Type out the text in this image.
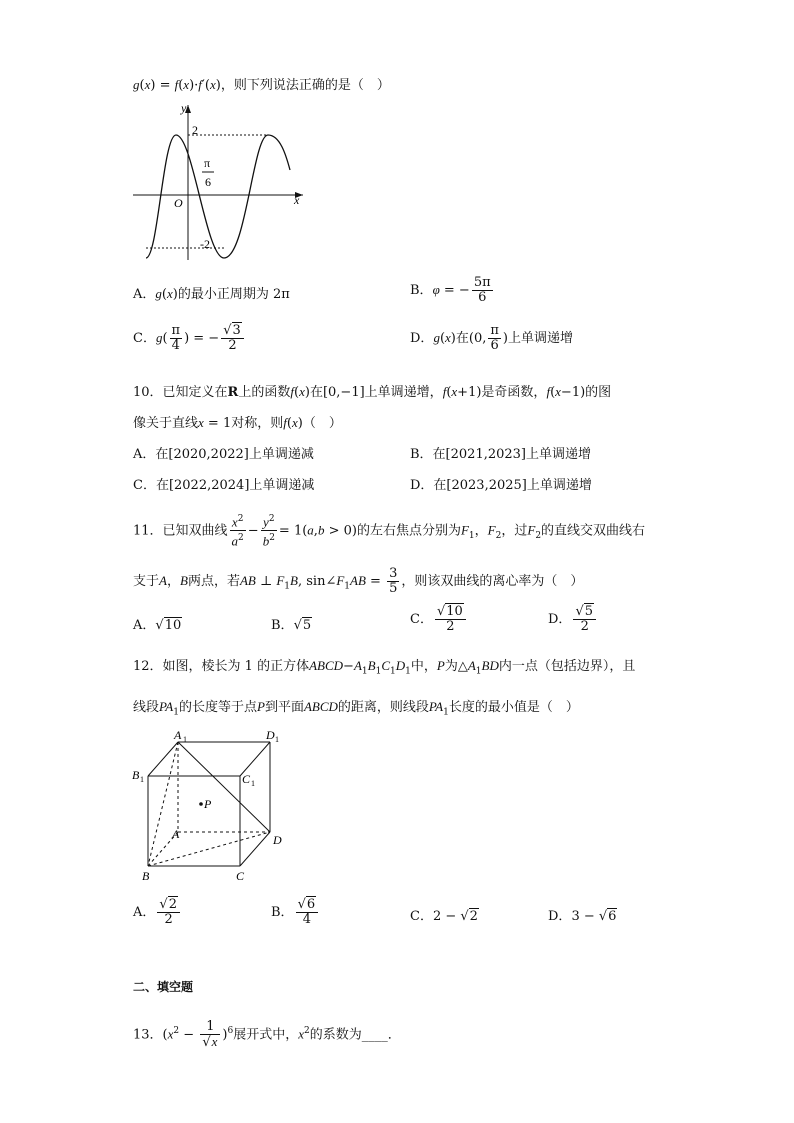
g(x) = f(x)·f′(x)，则下列说法正确的是（　）
y
2
-2
O	x
π
6
A．g(x)的最小正周期为 2π	B．φ = − $\frac{5\pi}{6}$
C．$g( \frac{\pi}{4}$ ) = − $\frac{√3}{2}$	D．g(x)在(0, $\frac{\pi}{6}$ )上单调递增
10．已知定义在R上的函数f(x)在[0,−1]上单调递增，f(x+1)是奇函数，f(x−1)的图
像关于直线x = 1对称，则f(x)（　）
A．在[2020,2022]上单调递减	B．在[2021,2023]上单调递增
C．在[2022,2024]上单调递减	D．在[2023,2025]上单调递增
11．已知双曲线 $\frac{x^2}{a^2} - \frac{y^2}{b^2} = 1(a,b > 0)$的左右焦点分别为$F_1$，$F_2$，过$F_2$的直线交双曲线右
支于A，B两点，若AB ⊥ $F_1B$, $\sin\angle F_1AB = \frac{3}{5}$ ，则该双曲线的离心率为（　）
A．√10	B．√5	C． $\frac{√10}{2}$	D． $\frac{√5}{2}$
12．如图，棱长为 1 的正方体$ABCD-A_1B_1C_1D_1$中，P为$\triangle A_1BD$内一点（包括边界），且
线段$PA_1$的长度等于点P到平面ABCD的距离，则线段$PA_1$长度的最小值是（　）
A 1	D 1
B 1	C 1
A	D
B	C
P
A． $\frac{√2}{2}$	B． $\frac{√6}{4}$	C．2 − √2	D．3 − √6
二、填空题
13．$(x^2 - \frac{1}{√x} )^6$展开式中，$x^2$的系数为____．
